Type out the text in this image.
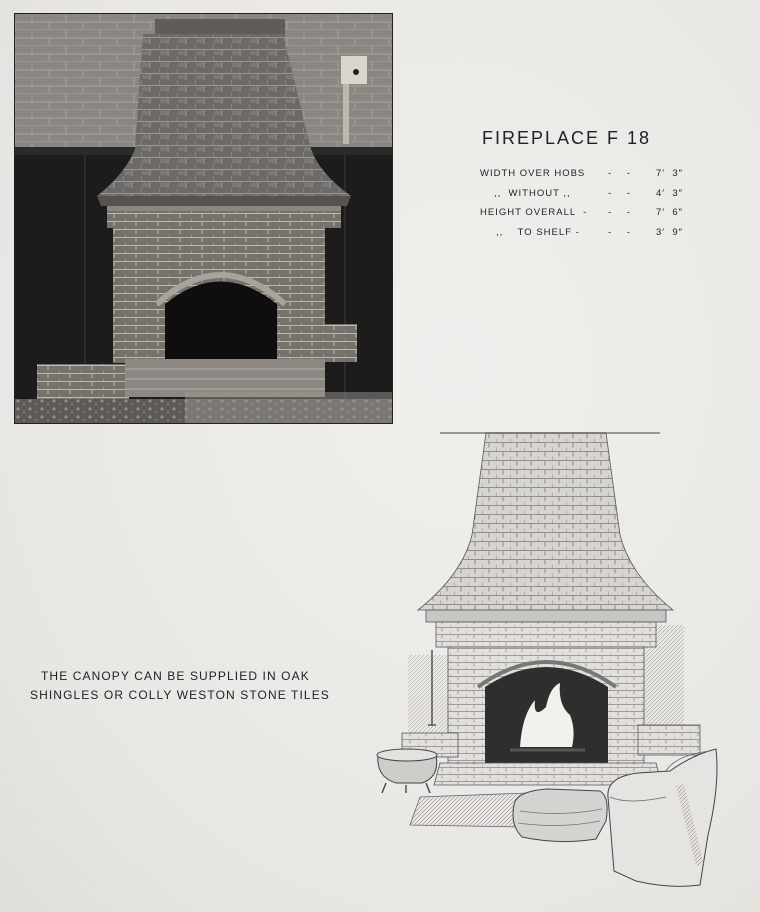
FIREPLACE F 18
WIDTH OVER HOBS -    -	7′  3″
,,  WITHOUT ,,	-    -	4′  3″
HEIGHT OVERALL  - -    -	7′  6″
,,    TO SHELF -	-    -	3′  9″
THE CANOPY CAN BE SUPPLIED IN OAK
SHINGLES OR COLLY WESTON STONE TILES
